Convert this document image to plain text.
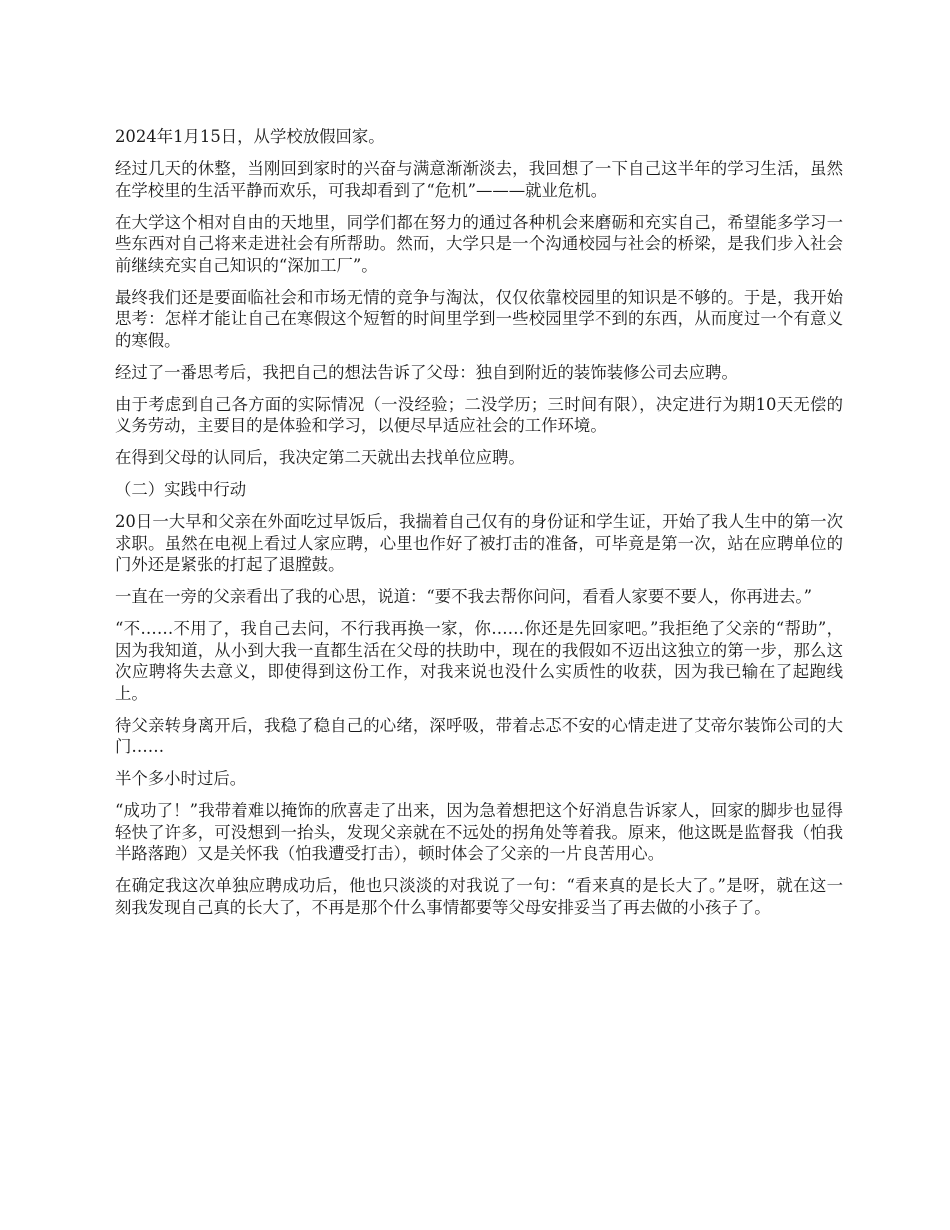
2024年1月15日，从学校放假回家。

经过几天的休整，当刚回到家时的兴奋与满意渐渐淡去，我回想了一下自己这半年的学习生活，虽然在学校里的生活平静而欢乐，可我却看到了“危机”———就业危机。

在大学这个相对自由的天地里，同学们都在努力的通过各种机会来磨砺和充实自己，希望能多学习一些东西对自己将来走进社会有所帮助。然而，大学只是一个沟通校园与社会的桥梁，是我们步入社会前继续充实自己知识的“深加工厂”。

最终我们还是要面临社会和市场无情的竞争与淘汰，仅仅依靠校园里的知识是不够的。于是，我开始思考：怎样才能让自己在寒假这个短暂的时间里学到一些校园里学不到的东西，从而度过一个有意义的寒假。

经过了一番思考后，我把自己的想法告诉了父母：独自到附近的装饰装修公司去应聘。

由于考虑到自己各方面的实际情况（一没经验；二没学历；三时间有限），决定进行为期10天无偿的义务劳动，主要目的是体验和学习，以便尽早适应社会的工作环境。

在得到父母的认同后，我决定第二天就出去找单位应聘。

（二）实践中行动

20日一大早和父亲在外面吃过早饭后，我揣着自己仅有的身份证和学生证，开始了我人生中的第一次求职。虽然在电视上看过人家应聘，心里也作好了被打击的准备，可毕竟是第一次，站在应聘单位的门外还是紧张的打起了退膛鼓。

一直在一旁的父亲看出了我的心思，说道：“要不我去帮你问问，看看人家要不要人，你再进去。”

“不……不用了，我自己去问，不行我再换一家，你……你还是先回家吧。”我拒绝了父亲的“帮助”，因为我知道，从小到大我一直都生活在父母的扶助中，现在的我假如不迈出这独立的第一步，那么这次应聘将失去意义，即使得到这份工作，对我来说也没什么实质性的收获，因为我已输在了起跑线上。

待父亲转身离开后，我稳了稳自己的心绪，深呼吸，带着忐忑不安的心情走进了艾帝尔装饰公司的大门……

半个多小时过后。

“成功了！”我带着难以掩饰的欣喜走了出来，因为急着想把这个好消息告诉家人，回家的脚步也显得轻快了许多，可没想到一抬头，发现父亲就在不远处的拐角处等着我。原来，他这既是监督我（怕我半路落跑）又是关怀我（怕我遭受打击），顿时体会了父亲的一片良苦用心。

在确定我这次单独应聘成功后，他也只淡淡的对我说了一句：“看来真的是长大了。”是呀，就在这一刻我发现自己真的长大了，不再是那个什么事情都要等父母安排妥当了再去做的小孩子了。
